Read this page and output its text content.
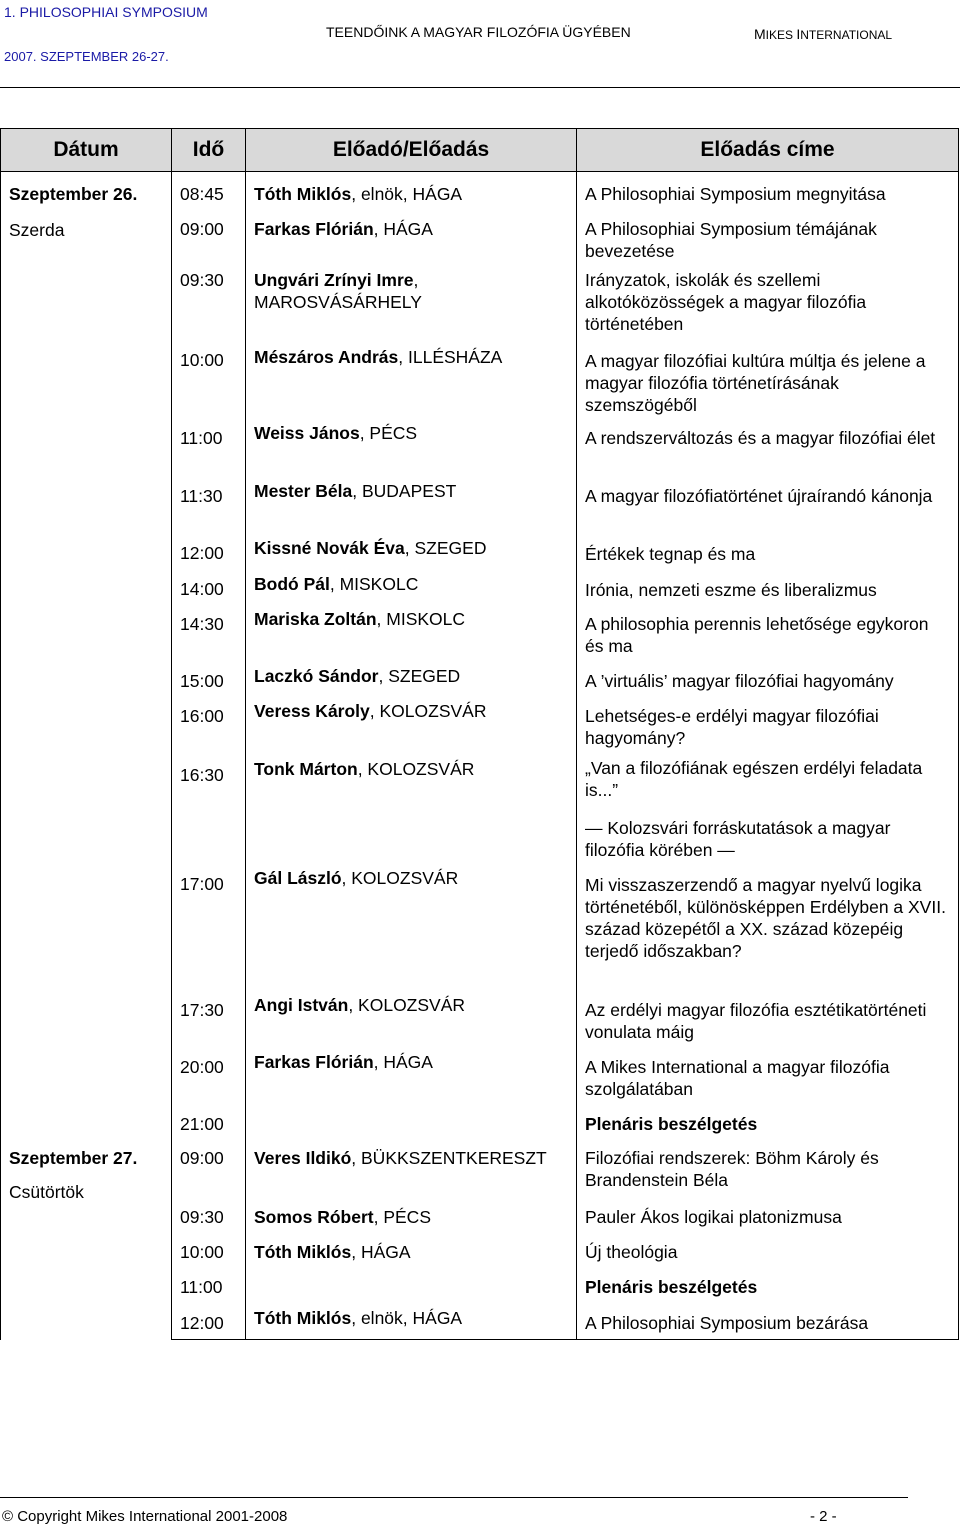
1. PHILOSOPHIAI SYMPOSIUM
2007. SZEPTEMBER 26-27.
TEENDŐINK A MAGYAR FILOZÓFIA ÜGYÉBEN	MIKES INTERNATIONAL
Dátum	Idő	Előadó/Előadás	Előadás címe

Szeptember 26.
Szerda	08:45	Tóth Miklós, elnök, HÁGA	A Philosophiai Symposium megnyitása
	09:00	Farkas Flórián, HÁGA	A Philosophiai Symposium témájának bevezetése
	09:30	Ungvári Zrínyi Imre, MAROSVÁSÁRHELY	Irányzatok, iskolák és szellemi alkotóközösségek a magyar filozófia történetében
	10:00	Mészáros András, ILLÉSHÁZA	A magyar filozófiai kultúra múltja és jelene a magyar filozófia történetírásának szemszögéből
	11:00	Weiss János, PÉCS	A rendszerváltozás és a magyar filozófiai élet
	11:30	Mester Béla, BUDAPEST	A magyar filozófiatörténet újraírandó kánonja
	12:00	Kissné Novák Éva, SZEGED	Értékek tegnap és ma
	14:00	Bodó Pál, MISKOLC	Irónia, nemzeti eszme és liberalizmus
	14:30	Mariska Zoltán, MISKOLC	A philosophia perennis lehetősége egykoron és ma
	15:00	Laczkó Sándor, SZEGED	A ’virtuális’ magyar filozófiai hagyomány
	16:00	Veress Károly, KOLOZSVÁR	Lehetséges-e erdélyi magyar filozófiai hagyomány?
	16:30	Tonk Márton, KOLOZSVÁR	„Van a filozófiának egészen erdélyi feladata is...”
			― Kolozsvári forráskutatások a magyar filozófia körében ―
	17:00	Gál László, KOLOZSVÁR	Mi visszaszerzendő a magyar nyelvű logika történetéből, különösképpen Erdélyben a XVII. század közepétől a XX. század közepéig terjedő időszakban?
	17:30	Angi István, KOLOZSVÁR	Az erdélyi magyar filozófia esztétikatörténeti vonulata máig
	20:00	Farkas Flórián, HÁGA	A Mikes International a magyar filozófia szolgálatában
	21:00		Plenáris beszélgetés

Szeptember 27.
Csütörtök	09:00	Veres Ildikó, BÜKKSZENTKERESZT	Filozófiai rendszerek: Böhm Károly és Brandenstein Béla
	09:30	Somos Róbert, PÉCS	Pauler Ákos logikai platonizmusa
	10:00	Tóth Miklós, HÁGA	Új theológia
	11:00		Plenáris beszélgetés
	12:00	Tóth Miklós, elnök, HÁGA	A Philosophiai Symposium bezárása
© Copyright Mikes International 2001-2008	- 2 -
